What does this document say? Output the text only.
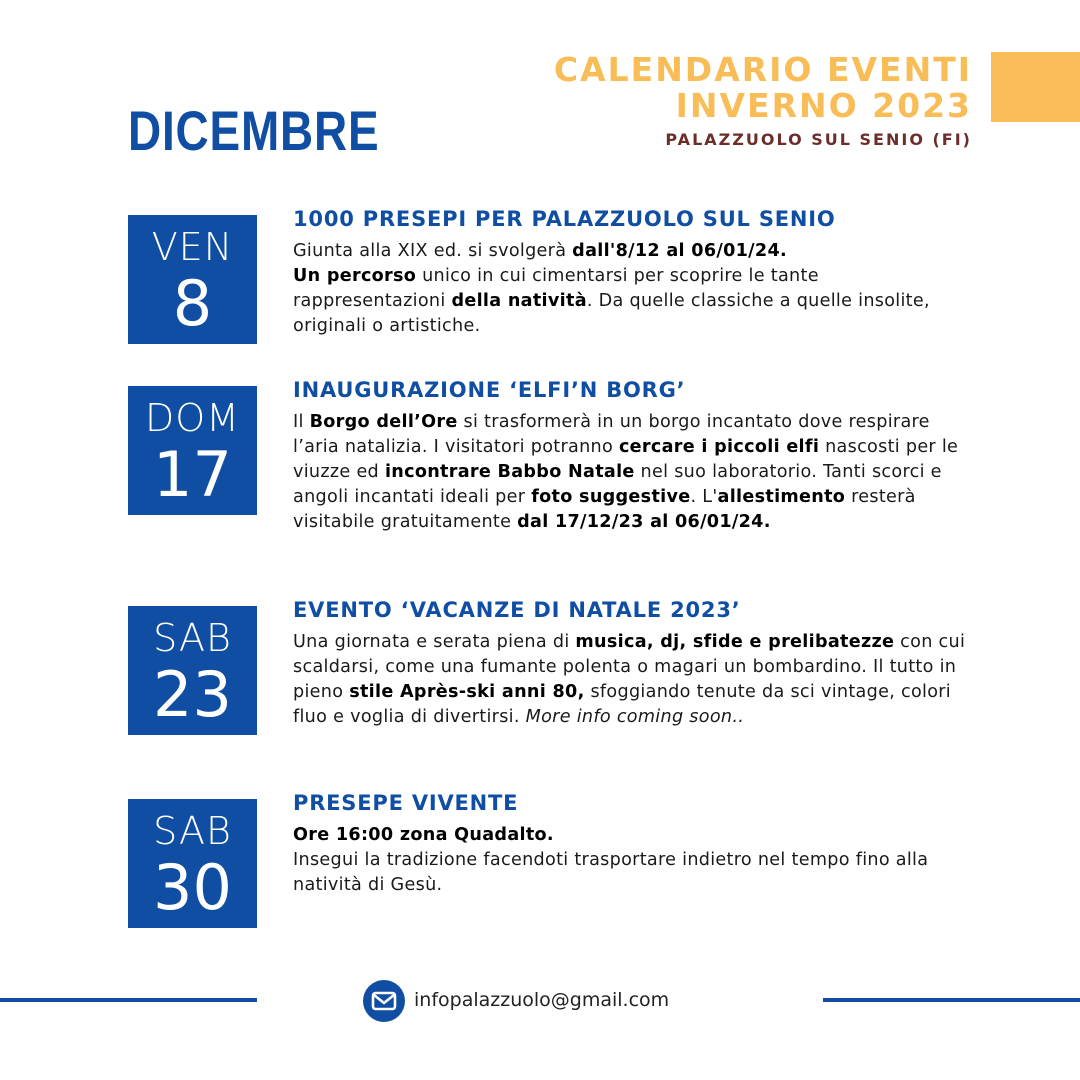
DICEMBRE
CALENDARIO EVENTI
INVERNO 2023
PALAZZUOLO SUL SENIO (FI)
VEN
8
1000 PRESEPI PER PALAZZUOLO SUL SENIO
Giunta alla XIX ed. si svolgerà dall'8/12 al 06/01/24.
Un percorso unico in cui cimentarsi per scoprire le tante rappresentazioni della natività. Da quelle classiche a quelle insolite, originali o artistiche.
DOM
17
INAUGURAZIONE ‘ELFI’N BORG’
Il Borgo dell’Ore si trasformerà in un borgo incantato dove respirare l’aria natalizia. I visitatori potranno cercare i piccoli elfi nascosti per le viuzze ed incontrare Babbo Natale nel suo laboratorio. Tanti scorci e angoli incantati ideali per foto suggestive. L'allestimento resterà visitabile gratuitamente dal 17/12/23 al 06/01/24.
SAB
23
EVENTO ‘VACANZE DI NATALE 2023’
Una giornata e serata piena di musica, dj, sfide e prelibatezze con cui scaldarsi, come una fumante polenta o magari un bombardino. Il tutto in pieno stile Après-ski anni 80, sfoggiando tenute da sci vintage, colori fluo e voglia di divertirsi. More info coming soon..
SAB
30
PRESEPE VIVENTE
Ore 16:00 zona Quadalto.
Insegui la tradizione facendoti trasportare indietro nel tempo fino alla natività di Gesù.
infopalazzuolo@gmail.com
